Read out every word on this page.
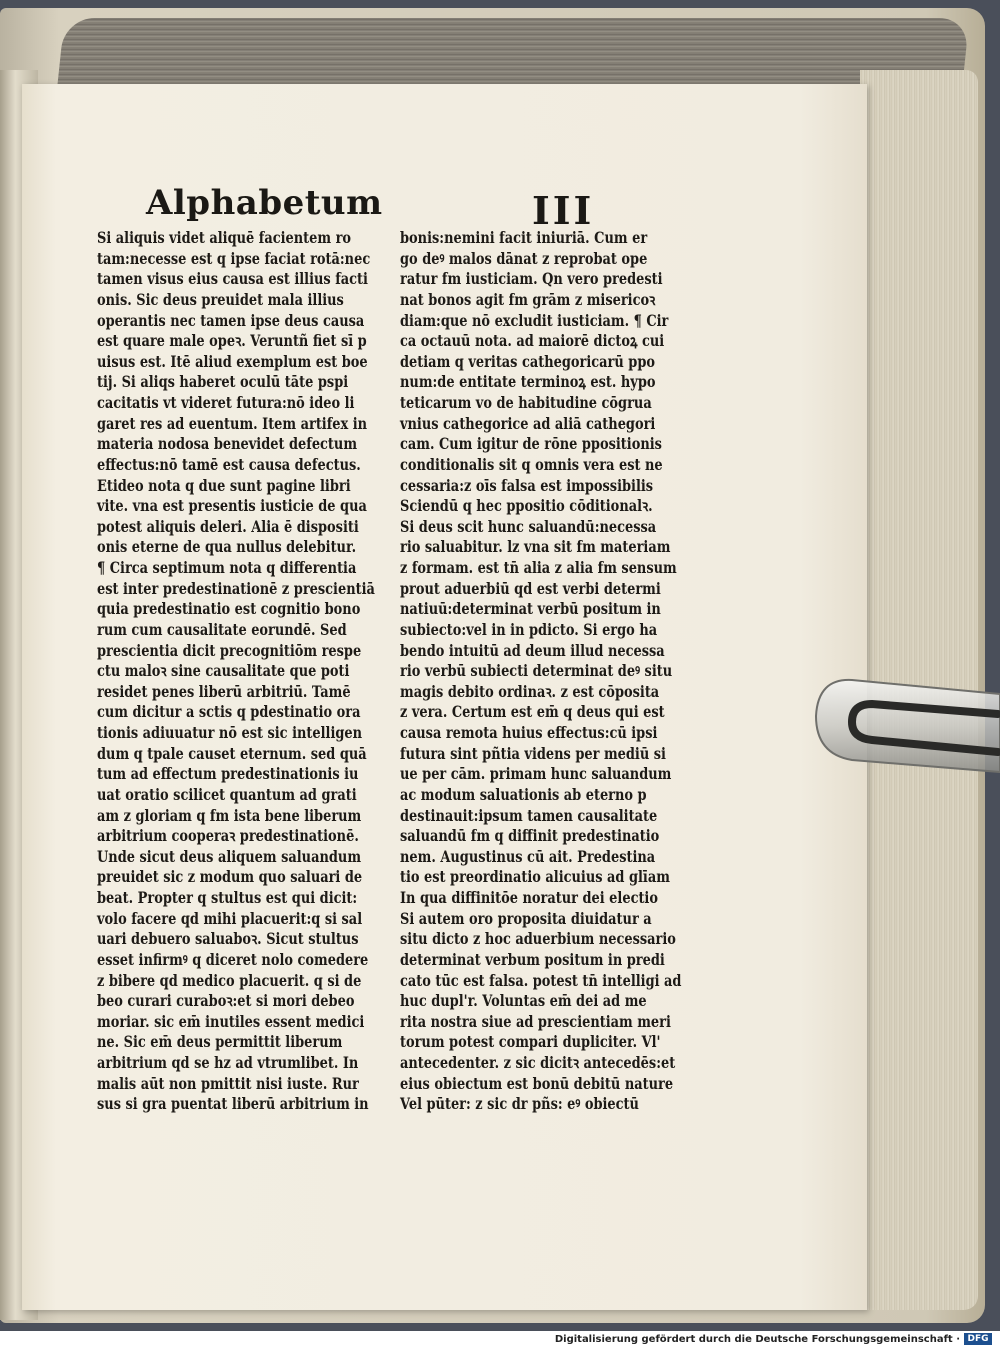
Alphabetum	III
Si aliquis videt aliquē facientem ro
tam:necesse est q ipse faciat rotā:nec
tamen visus eius causa est illius facti
onis. Sic deus preuidet mala illius
operantis nec tamen ipse deus causa
est quare male opeꝛ. Veruntñ fiet sī p
uisus est. Itē aliud exemplum est boe
tij. Si aliqs haberet oculū tāte pspi
cacitatis vt videret futura:nō ideo li
garet res ad euentum. Item artifex in
materia nodosa benevidet defectum
effectus:nō tamē est causa defectus.
Etideo nota q due sunt pagine libri
vite. vna est presentis iusticie de qua
potest aliquis deleri. Alia ē dispositi
onis eterne de qua nullus delebitur.
¶ Circa septimum nota q differentia
est inter predestinationē z prescientiā
quia predestinatio est cognitio bono
rum cum causalitate eorundē. Sed
prescientia dicit precognitiōm respe
ctu maloꝛ sine causalitate que poti
residet penes liberū arbitriū. Tamē
cum dicitur a sctis q pdestinatio ora
tionis adiuuatur nō est sic intelligen
dum q tpale causet eternum. sed quā
tum ad effectum predestinationis iu
uat oratio scilicet quantum ad grati
am z gloriam q fm ista bene liberum
arbitrium cooperaꝛ predestinationē.
Unde sicut deus aliquem saluandum
preuidet sic z modum quo saluari de
beat. Propter q stultus est qui dicit:
volo facere qd mihi placuerit:q si sal
uari debuero saluaboꝛ. Sicut stultus
esset infirmꝰ q diceret nolo comedere
z bibere qd medico placuerit. q si de
beo curari curaboꝛ:et si mori debeo
moriar. sic em̄ inutiles essent medici
ne. Sic em̄ deus permittit liberum
arbitrium qd se hz ad vtrumlibet. In
malis aūt non pmittit nisi iuste. Rur
sus si gra puentat liberū arbitrium in
bonis:nemini facit iniuriā. Cum er
go deꝰ malos dānat z reprobat ope
ratur fm iusticiam. Qn vero predesti
nat bonos agit fm grām z misericoꝛ
diam:que nō excludit iusticiam. ¶ Cir
ca octauū nota. ad maiorē dictoꝝ cui
detiam q veritas cathegoricarū ppo
num:de entitate terminoꝝ est. hypo
teticarum vo de habitudine cōgrua
vnius cathegorice ad aliā cathegori
cam. Cum igitur de rōne ppositionis
conditionalis sit q omnis vera est ne
cessaria:z oīs falsa est impossibilis
Sciendū q hec ppositio cōditionalꝛ.
Si deus scit hunc saluandū:necessa
rio saluabitur. lz vna sit fm materiam
z formam. est tn̄ alia z alia fm sensum
prout aduerbiū qd est verbi determi
natiuū:determinat verbū positum in
subiecto:vel in in pdicto. Si ergo ha
bendo intuitū ad deum illud necessa
rio verbū subiecti determinat deꝰ situ
magis debito ordinaꝛ. z est cōposita
z vera. Certum est em̄ q deus qui est
causa remota huius effectus:cū ipsi
futura sint pñtia videns per mediū si
ue per cām. primam hunc saluandum
ac modum saluationis ab eterno p
destinauit:ipsum tamen causalitate
saluandū fm q diffinit predestinatio
nem. Augustinus cū ait. Predestina
tio est preordinatio alicuius ad glīam
In qua diffinitōe noratur dei electio
Si autem oro proposita diuidatur a
situ dicto z hoc aduerbium necessario
determinat verbum positum in predi
cato tūc est falsa. potest tn̄ intelligi ad
huc dupl'r. Voluntas em̄ dei ad me
rita nostra siue ad prescientiam meri
torum potest compari dupliciter. Vl'
antecedenter. z sic dicitꝛ antecedēs:et
eius obiectum est bonū debitū nature
Vel pūter: z sic dr pñs: eꝰ obiectū
Digitalisierung gefördert durch die Deutsche Forschungsgemeinschaft · DFG
